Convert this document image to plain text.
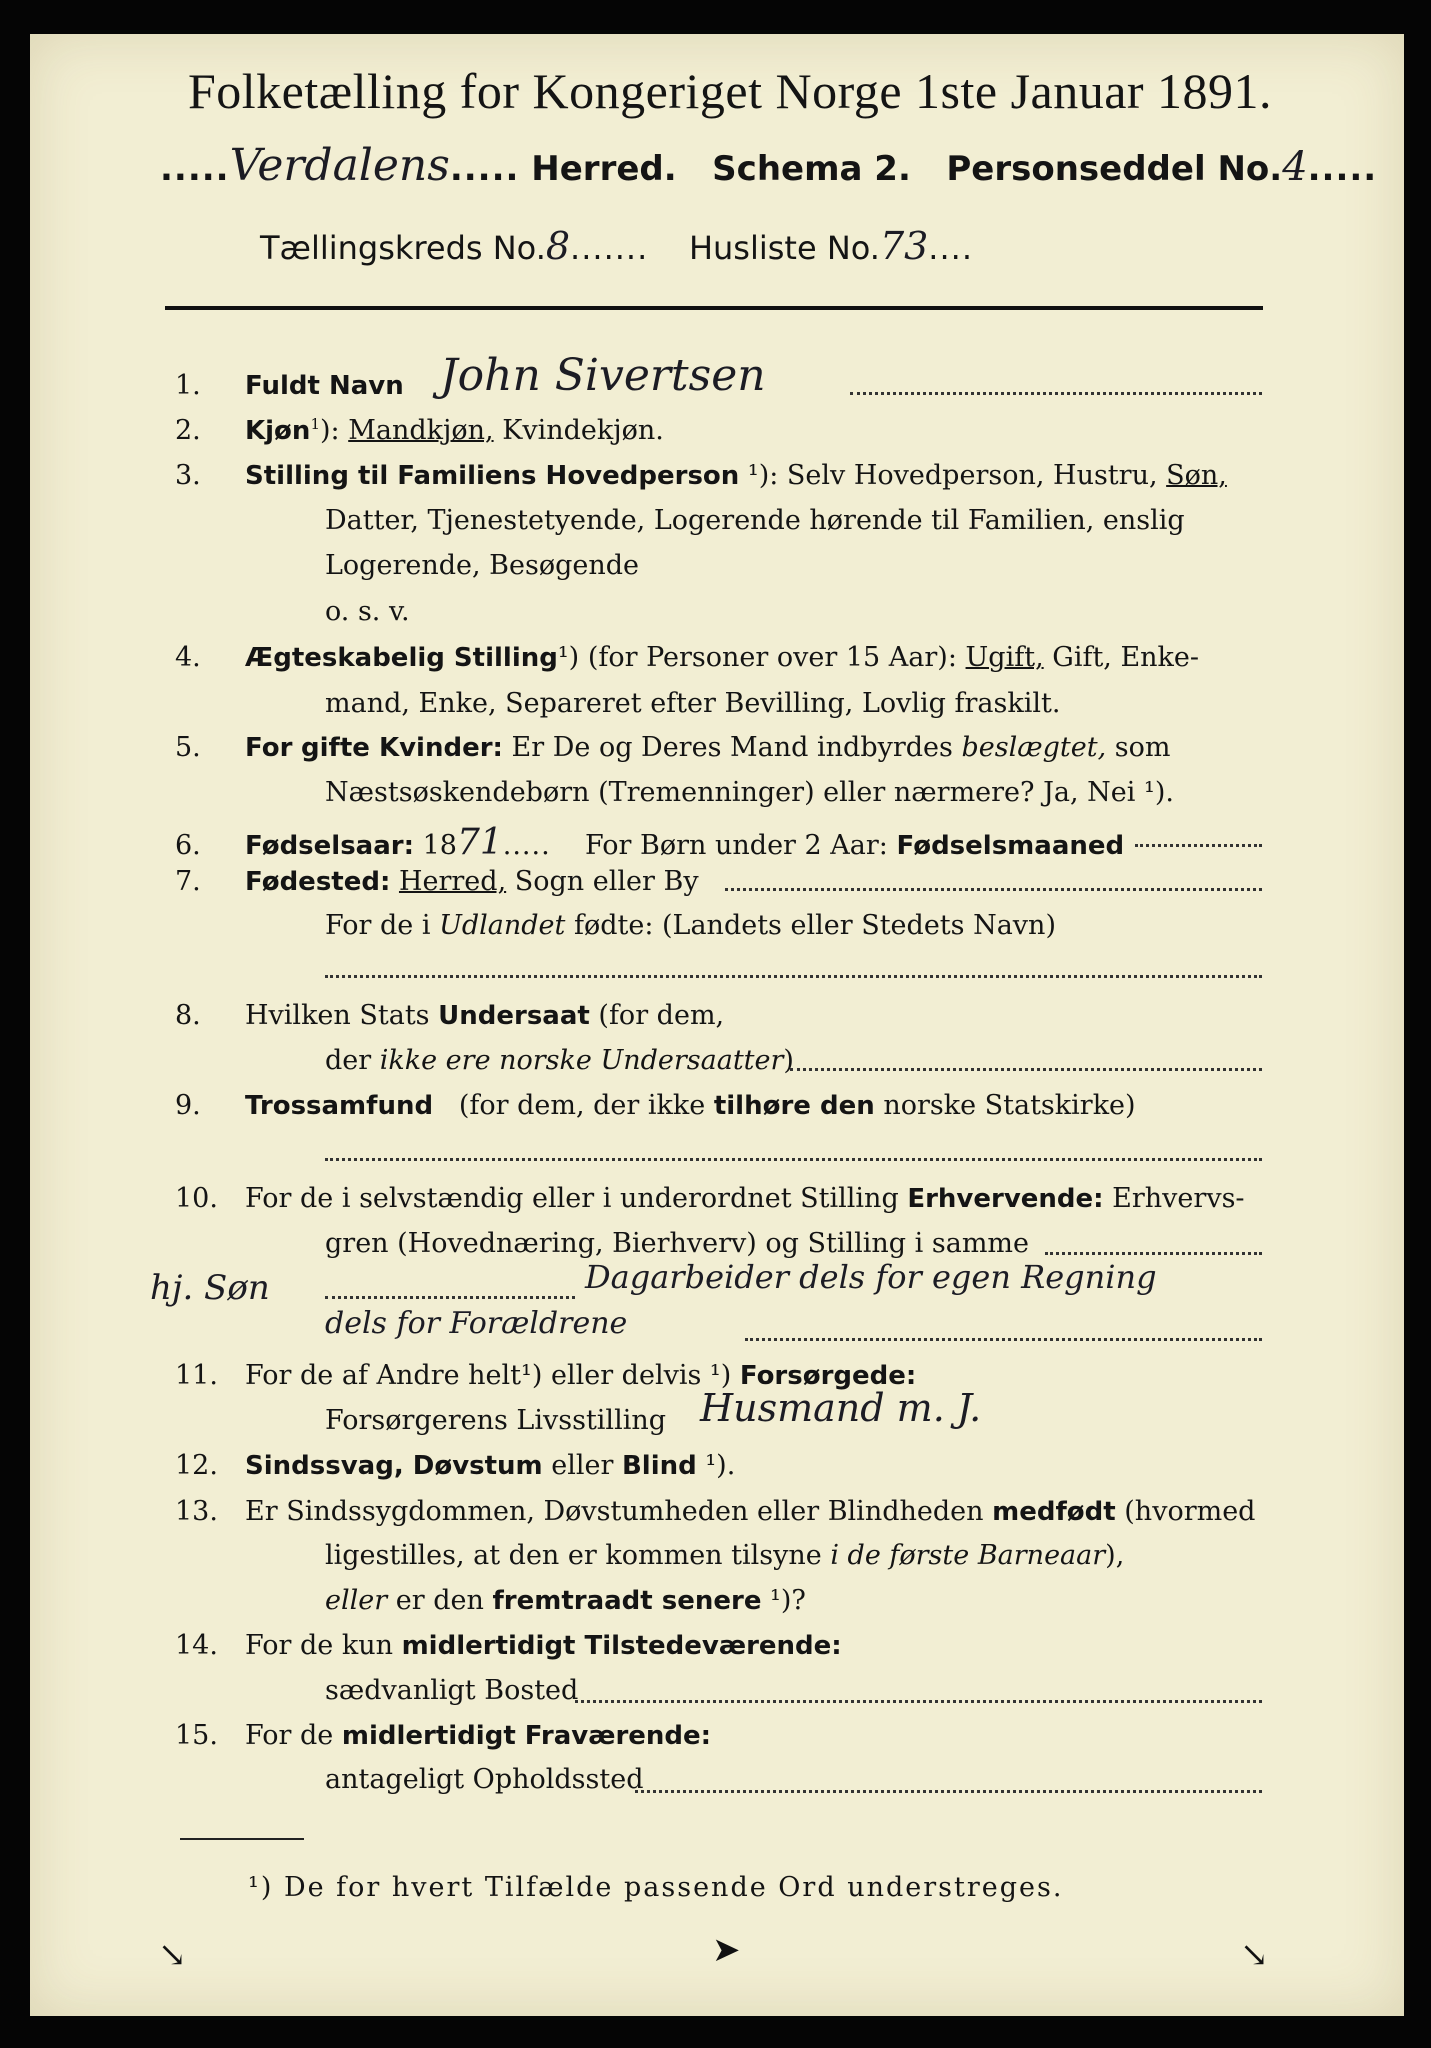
Folketælling for Kongeriget Norge 1ste Januar 1891.
.....Verdalens..... Herred. Schema 2. Personseddel No.4.....
Tællingskreds No.8....... Husliste No.73....
1. Fuldt Navn John Sivertsen
2. Kjøn$^1$): Mandkjøn, Kvindekjøn.
3. Stilling til Familiens Hovedperson ¹): Selv Hovedperson, Hustru, Søn,
Datter, Tjenestetyende, Logerende hørende til Familien, enslig
Logerende, Besøgende
o. s. v.
4. Ægteskabelig Stilling¹) (for Personer over 15 Aar): Ugift, Gift, Enke-
mand, Enke, Separeret efter Bevilling, Lovlig fraskilt.
5. For gifte Kvinder: Er De og Deres Mand indbyrdes beslægtet, som
Næstsøskendebørn (Tremenninger) eller nærmere? Ja, Nei ¹).
6. Fødselsaar: 1871..... For Børn under 2 Aar: Fødselsmaaned
7. Fødested: Herred, Sogn eller By
For de i Udlandet fødte: (Landets eller Stedets Navn)
8. Hvilken Stats Undersaat (for dem,
der ikke ere norske Undersaatter)
9. Trossamfund (for dem, der ikke tilhøre den norske Statskirke)
10. For de i selvstændig eller i underordnet Stilling Erhvervende: Erhvervs-
gren (Hovednæring, Bierhverv) og Stilling i samme
hj. Søn	Dagarbeider dels for egen Regning
dels for Forældrene
11. For de af Andre helt¹) eller delvis ¹) Forsørgede:
Forsørgerens Livsstilling Husmand m. J.
12. Sindssvag, Døvstum eller Blind ¹).
13. Er Sindssygdommen, Døvstumheden eller Blindheden medfødt (hvormed
ligestilles, at den er kommen tilsyne i de første Barneaar),
eller er den fremtraadt senere ¹)?
14. For de kun midlertidigt Tilstedeværende:
sædvanligt Bosted
15. For de midlertidigt Fraværende:
antageligt Opholdssted
¹) De for hvert Tilfælde passende Ord understreges.
↘	➤	↘
